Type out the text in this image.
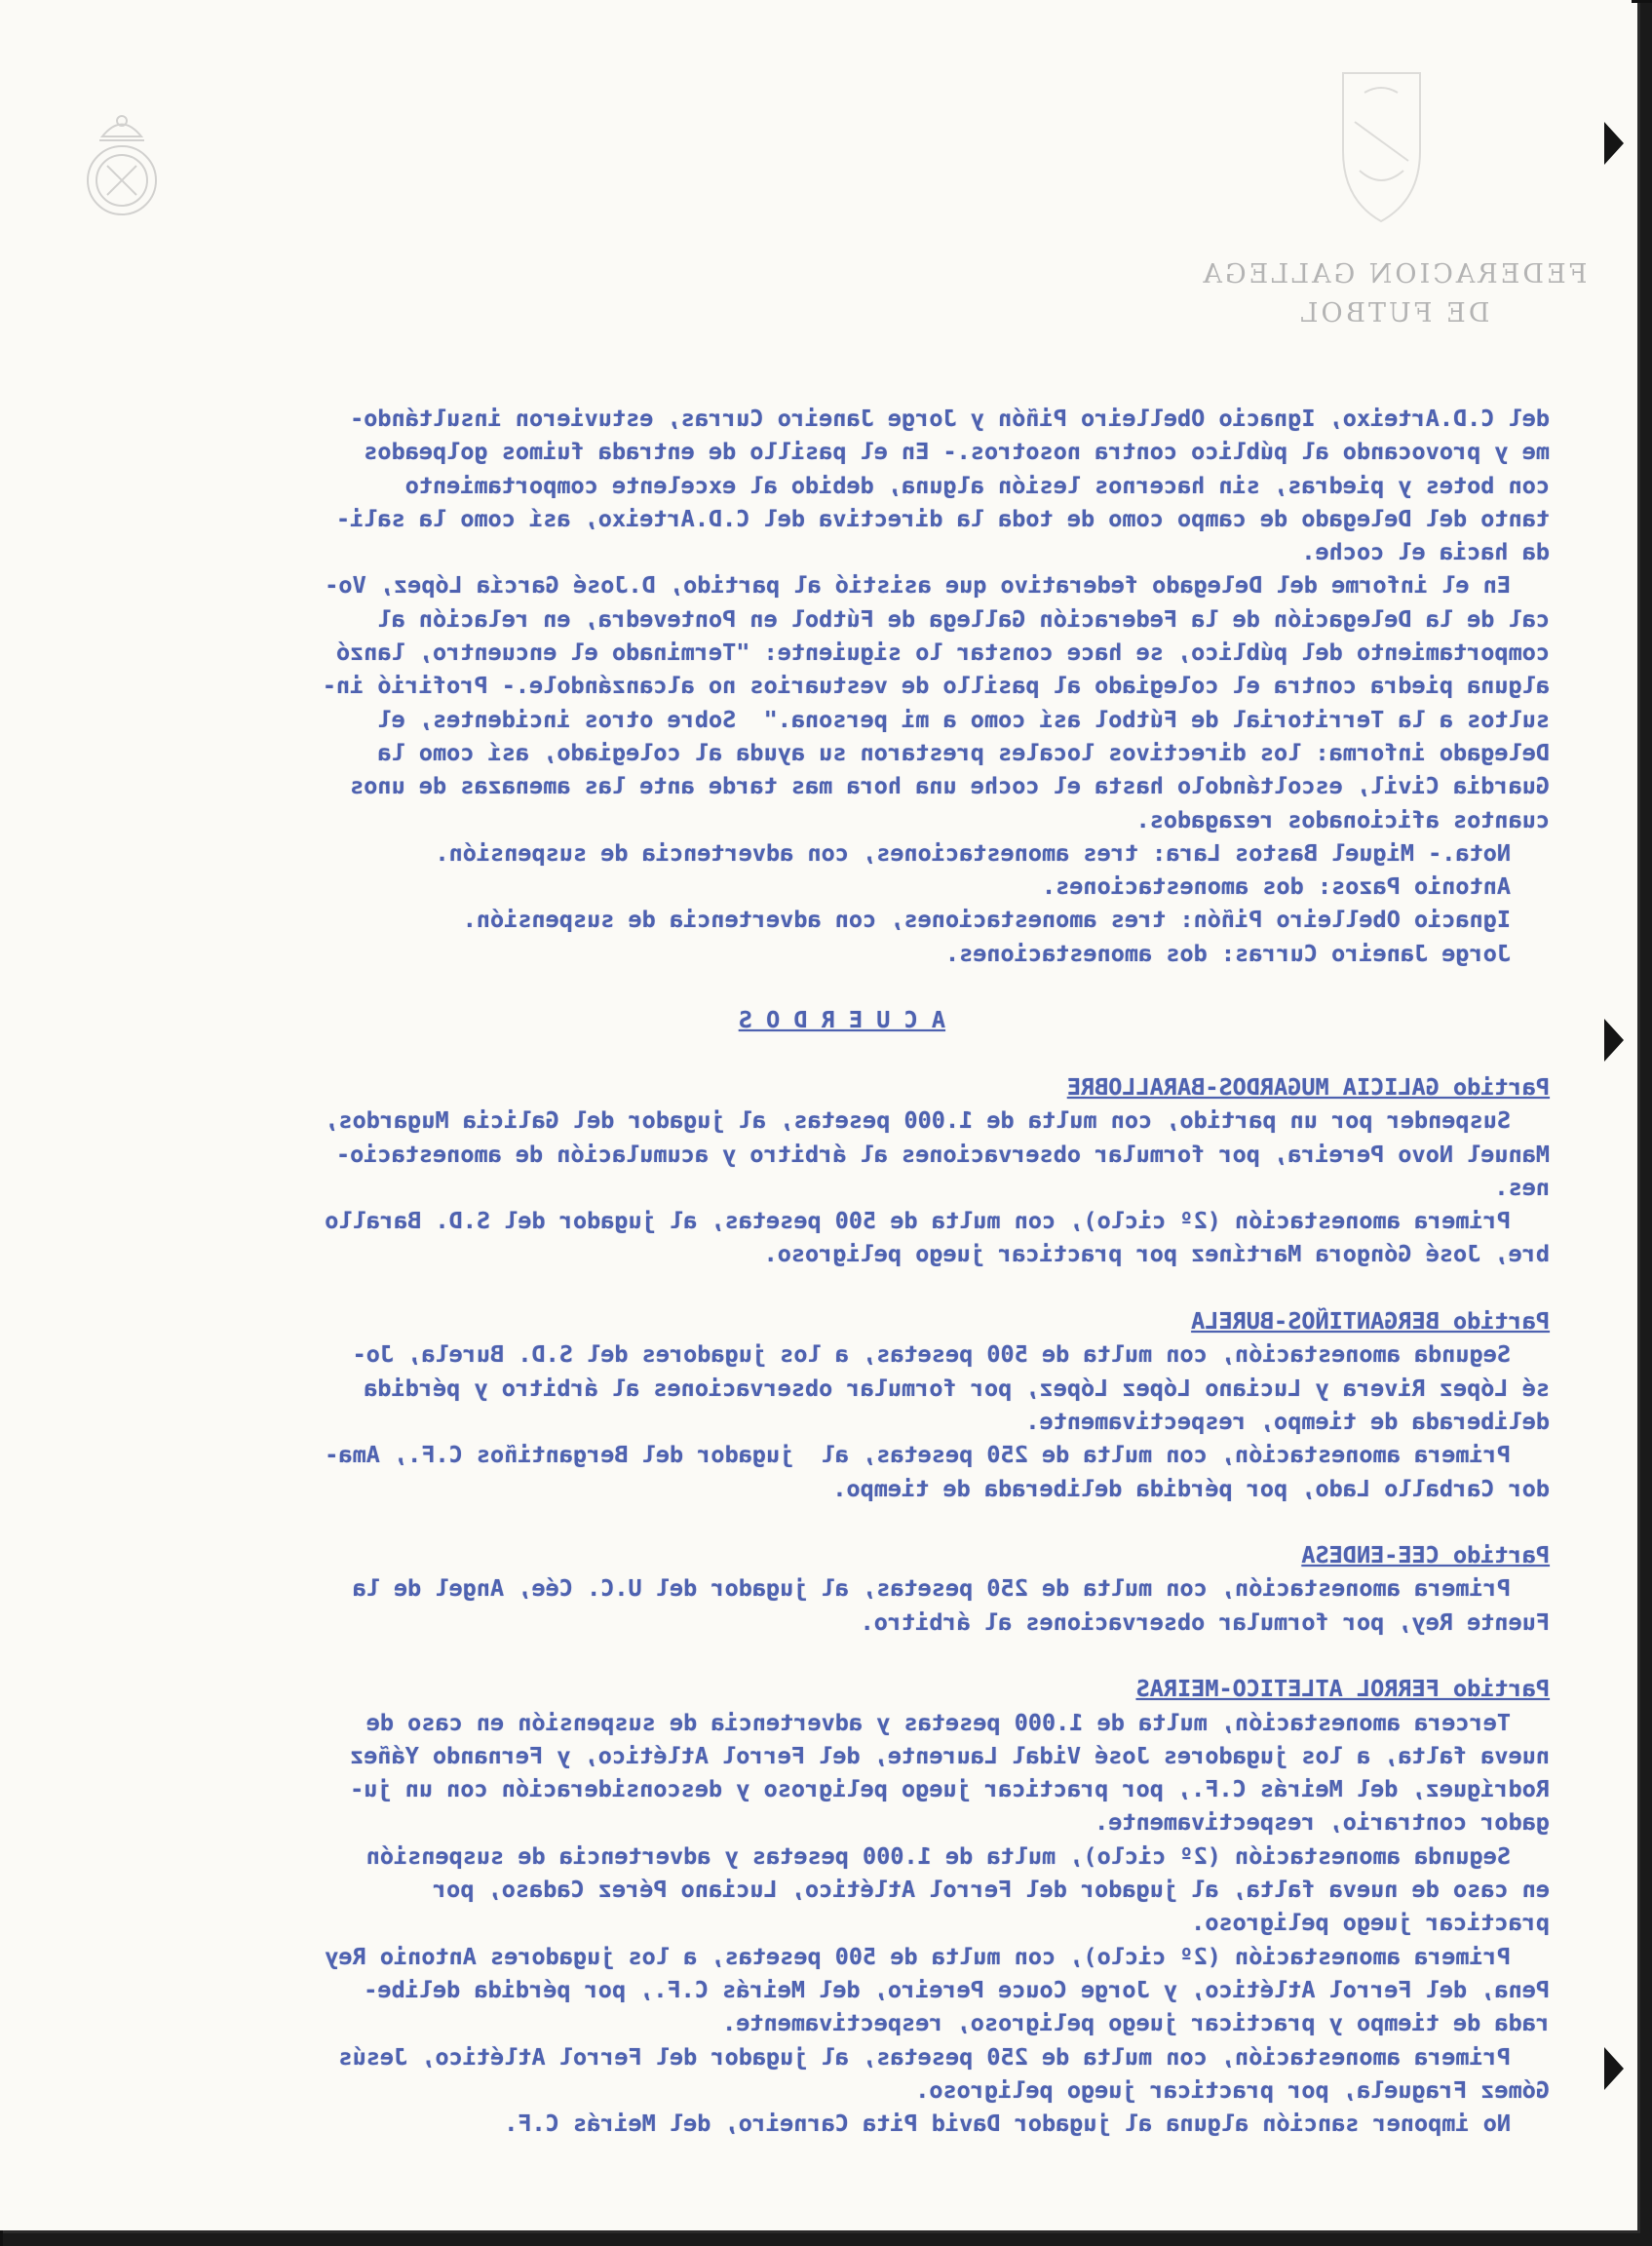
FEDERACION GALLEGA
DE FUTBOL
del C.D.Arteixo, Ignacio Obelleiro Piñón y Jorge Janeiro Curras, estuvieron insultándo-
me y provocando al público contra nosotros.- En el pasillo de entrada fuimos golpeados
con botes y piedras, sin hacernos lesión alguna, debido al excelente comportamiento
tanto del Delegado de campo como de toda la directiva del C.D.Arteixo, así como la sali-
da hacia el coche.
En el informe del Delegado federativo que asistió al partido, D.José García López, Vo-
cal de la Delegación de la Federación Gallega de Fútbol en Pontevedra, en relación al
comportamiento del público, se hace constar lo siguiente: "Terminado el encuentro, lanzó
alguna piedra contra el colegiado al pasillo de vestuarios no alcanzándole.- Profirió in-
sultos a la Territorial de Fútbol así como a mi persona."  Sobre otros incidentes, el
Delegado informa: los directivos locales prestaron su ayuda al colegiado, así como la
Guardia Civil, escoltándolo hasta el coche una hora mas tarde ante las amenazas de unos
cuantos aficionados rezagados.
Nota.- Miguel Bastos Lara: tres amonestaciones, con advertencia de suspensión.
Antonio Pazos: dos amonestaciones.
Ignacio Obelleiro Piñón: tres amonestaciones, con advertencia de suspensión.
Jorge Janeiro Curras: dos amonestaciones.
A C U E R D O S
Partido GALICIA MUGARDOS-BARALLOBRE
Suspender por un partido, con multa de 1.000 pesetas, al jugador del Galicia Mugardos,
Manuel Novo Pereira, por formular observaciones al árbitro y acumulación de amonestacio-
nes.
Primera amonestación (2º ciclo), con multa de 500 pesetas, al jugador del S.D. Barallo
bre, José Góngora Martínez por practicar juego peligroso.
Partido BERGANTIÑOS-BURELA
Segunda amonestación, con multa de 500 pesetas, a los jugadores del S.D. Burela, Jo-
sé López Rivera y Luciano López López, por formular observaciones al árbitro y pérdida
deliberada de tiempo, respectivamente.
Primera amonestación, con multa de 250 pesetas, al  jugador del Bergantiños C.F., Ama-
dor Carballo Lado, por pérdida deliberada de tiempo.
Partido CEE-ENDESA
Primera amonestación, con multa de 250 pesetas, al jugador del U.C. Cée, Angel de la
Fuente Rey, por formular observaciones al árbitro.
Partido FERROL ATLETICO-MEIRAS
Tercera amonestación, multa de 1.000 pesetas y advertencia de suspensión en caso de
nueva falta, a los jugadores José Vidal Laurente, del Ferrol Atlético, y Fernando Yáñez
Rodríguez, del Meirás C.F., por practicar juego peligroso y desconsideración con un ju-
gador contrario, respectivamente.
Segunda amonestación (2º ciclo), multa de 1.000 pesetas y advertencia de suspensión
en caso de nueva falta, al jugador del Ferrol Atlético, Luciano Pérez Cadaso, por
practicar juego peligroso.
Primera amonestación (2º ciclo), con multa de 500 pesetas, a los jugadores Antonio Rey
Pena, del Ferrol Atlético, y Jorge Couce Pereiro, del Meirás C.F., por pérdida delibe-
rada de tiempo y practicar juego peligroso, respectivamente.
Primera amonestación, con multa de 250 pesetas, al jugador del Ferrol Atlético, Jesús
Gómez Fraguela, por practicar juego peligroso.
No imponer sanción alguna al jugador David Pita Carneiro, del Meirás C.F.
